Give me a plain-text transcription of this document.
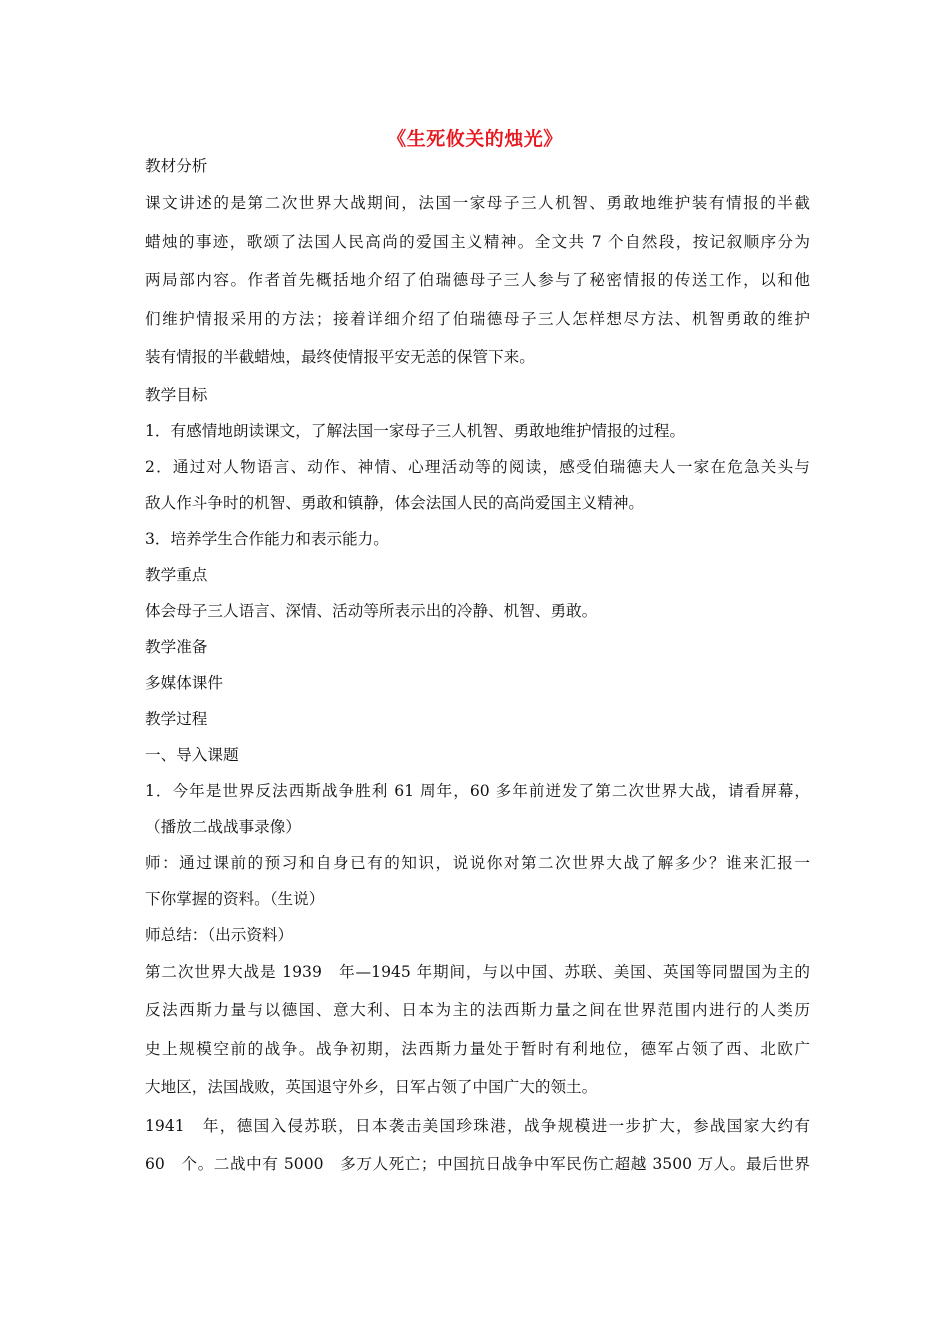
《生死攸关的烛光》
教材分析
课文讲述的是第二次世界大战期间，法国一家母子三人机智、勇敢地维护装有情报的半截
蜡烛的事迹，歌颂了法国人民高尚的爱国主义精神。全文共 7 个自然段，按记叙顺序分为
两局部内容。作者首先概括地介绍了伯瑞德母子三人参与了秘密情报的传送工作，以和他
们维护情报采用的方法；接着详细介绍了伯瑞德母子三人怎样想尽方法、机智勇敢的维护
装有情报的半截蜡烛，最终使情报平安无恙的保管下来。
教学目标
1．有感情地朗读课文，了解法国一家母子三人机智、勇敢地维护情报的过程。
2．通过对人物语言、动作、神情、心理活动等的阅读，感受伯瑞德夫人一家在危急关头与
敌人作斗争时的机智、勇敢和镇静，体会法国人民的高尚爱国主义精神。
3．培养学生合作能力和表示能力。
教学重点
体会母子三人语言、深情、活动等所表示出的冷静、机智、勇敢。
教学准备
多媒体课件
教学过程
一、导入课题
1．今年是世界反法西斯战争胜利 61 周年，60 多年前迸发了第二次世界大战，请看屏幕，
（播放二战战事录像）
师：通过课前的预习和自身已有的知识，说说你对第二次世界大战了解多少？谁来汇报一
下你掌握的资料。（生说）
师总结：（出示资料）
第二次世界大战是 1939　年—1945 年期间，与以中国、苏联、美国、英国等同盟国为主的
反法西斯力量与以德国、意大利、日本为主的法西斯力量之间在世界范围内进行的人类历
史上规模空前的战争。战争初期，法西斯力量处于暂时有利地位，德军占领了西、北欧广
大地区，法国战败，英国退守外乡，日军占领了中国广大的领土。
1941　年，德国入侵苏联，日本袭击美国珍珠港，战争规模进一步扩大，参战国家大约有
60　个。二战中有 5000　多万人死亡；中国抗日战争中军民伤亡超越 3500 万人。最后世界
